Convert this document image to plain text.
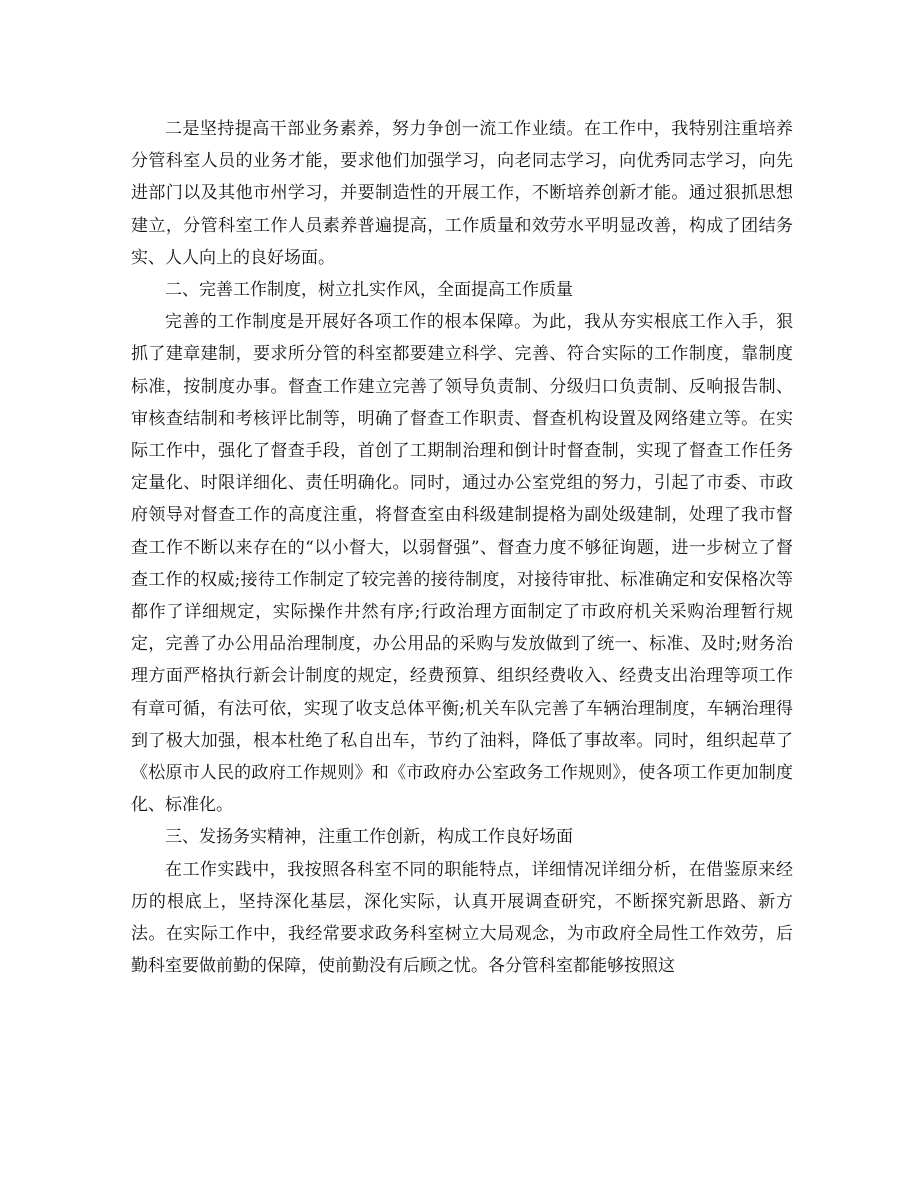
二是坚持提高干部业务素养，努力争创一流工作业绩。在工作中，我特别注重培养分管科室人员的业务才能，要求他们加强学习，向老同志学习，向优秀同志学习，向先进部门以及其他市州学习，并要制造性的开展工作，不断培养创新才能。通过狠抓思想建立，分管科室工作人员素养普遍提高，工作质量和效劳水平明显改善，构成了团结务实、人人向上的良好场面。

二、完善工作制度，树立扎实作风，全面提高工作质量

完善的工作制度是开展好各项工作的根本保障。为此，我从夯实根底工作入手，狠抓了建章建制，要求所分管的科室都要建立科学、完善、符合实际的工作制度，靠制度标准，按制度办事。督查工作建立完善了领导负责制、分级归口负责制、反响报告制、审核查结制和考核评比制等，明确了督查工作职责、督查机构设置及网络建立等。在实际工作中，强化了督查手段，首创了工期制治理和倒计时督查制，实现了督查工作任务定量化、时限详细化、责任明确化。同时，通过办公室党组的努力，引起了市委、市政府领导对督查工作的高度注重，将督查室由科级建制提格为副处级建制，处理了我市督查工作不断以来存在的“以小督大，以弱督强”、督查力度不够征询题，进一步树立了督查工作的权威;接待工作制定了较完善的接待制度，对接待审批、标准确定和安保格次等都作了详细规定，实际操作井然有序;行政治理方面制定了市政府机关采购治理暂行规定，完善了办公用品治理制度，办公用品的采购与发放做到了统一、标准、及时;财务治理方面严格执行新会计制度的规定，经费预算、组织经费收入、经费支出治理等项工作有章可循，有法可依，实现了收支总体平衡;机关车队完善了车辆治理制度，车辆治理得到了极大加强，根本杜绝了私自出车，节约了油料，降低了事故率。同时，组织起草了《松原市人民的政府工作规则》和《市政府办公室政务工作规则》，使各项工作更加制度化、标准化。

三、发扬务实精神，注重工作创新，构成工作良好场面

在工作实践中，我按照各科室不同的职能特点，详细情况详细分析，在借鉴原来经历的根底上，坚持深化基层，深化实际，认真开展调查研究，不断探究新思路、新方法。在实际工作中，我经常要求政务科室树立大局观念，为市政府全局性工作效劳，后勤科室要做前勤的保障，使前勤没有后顾之忧。各分管科室都能够按照这
